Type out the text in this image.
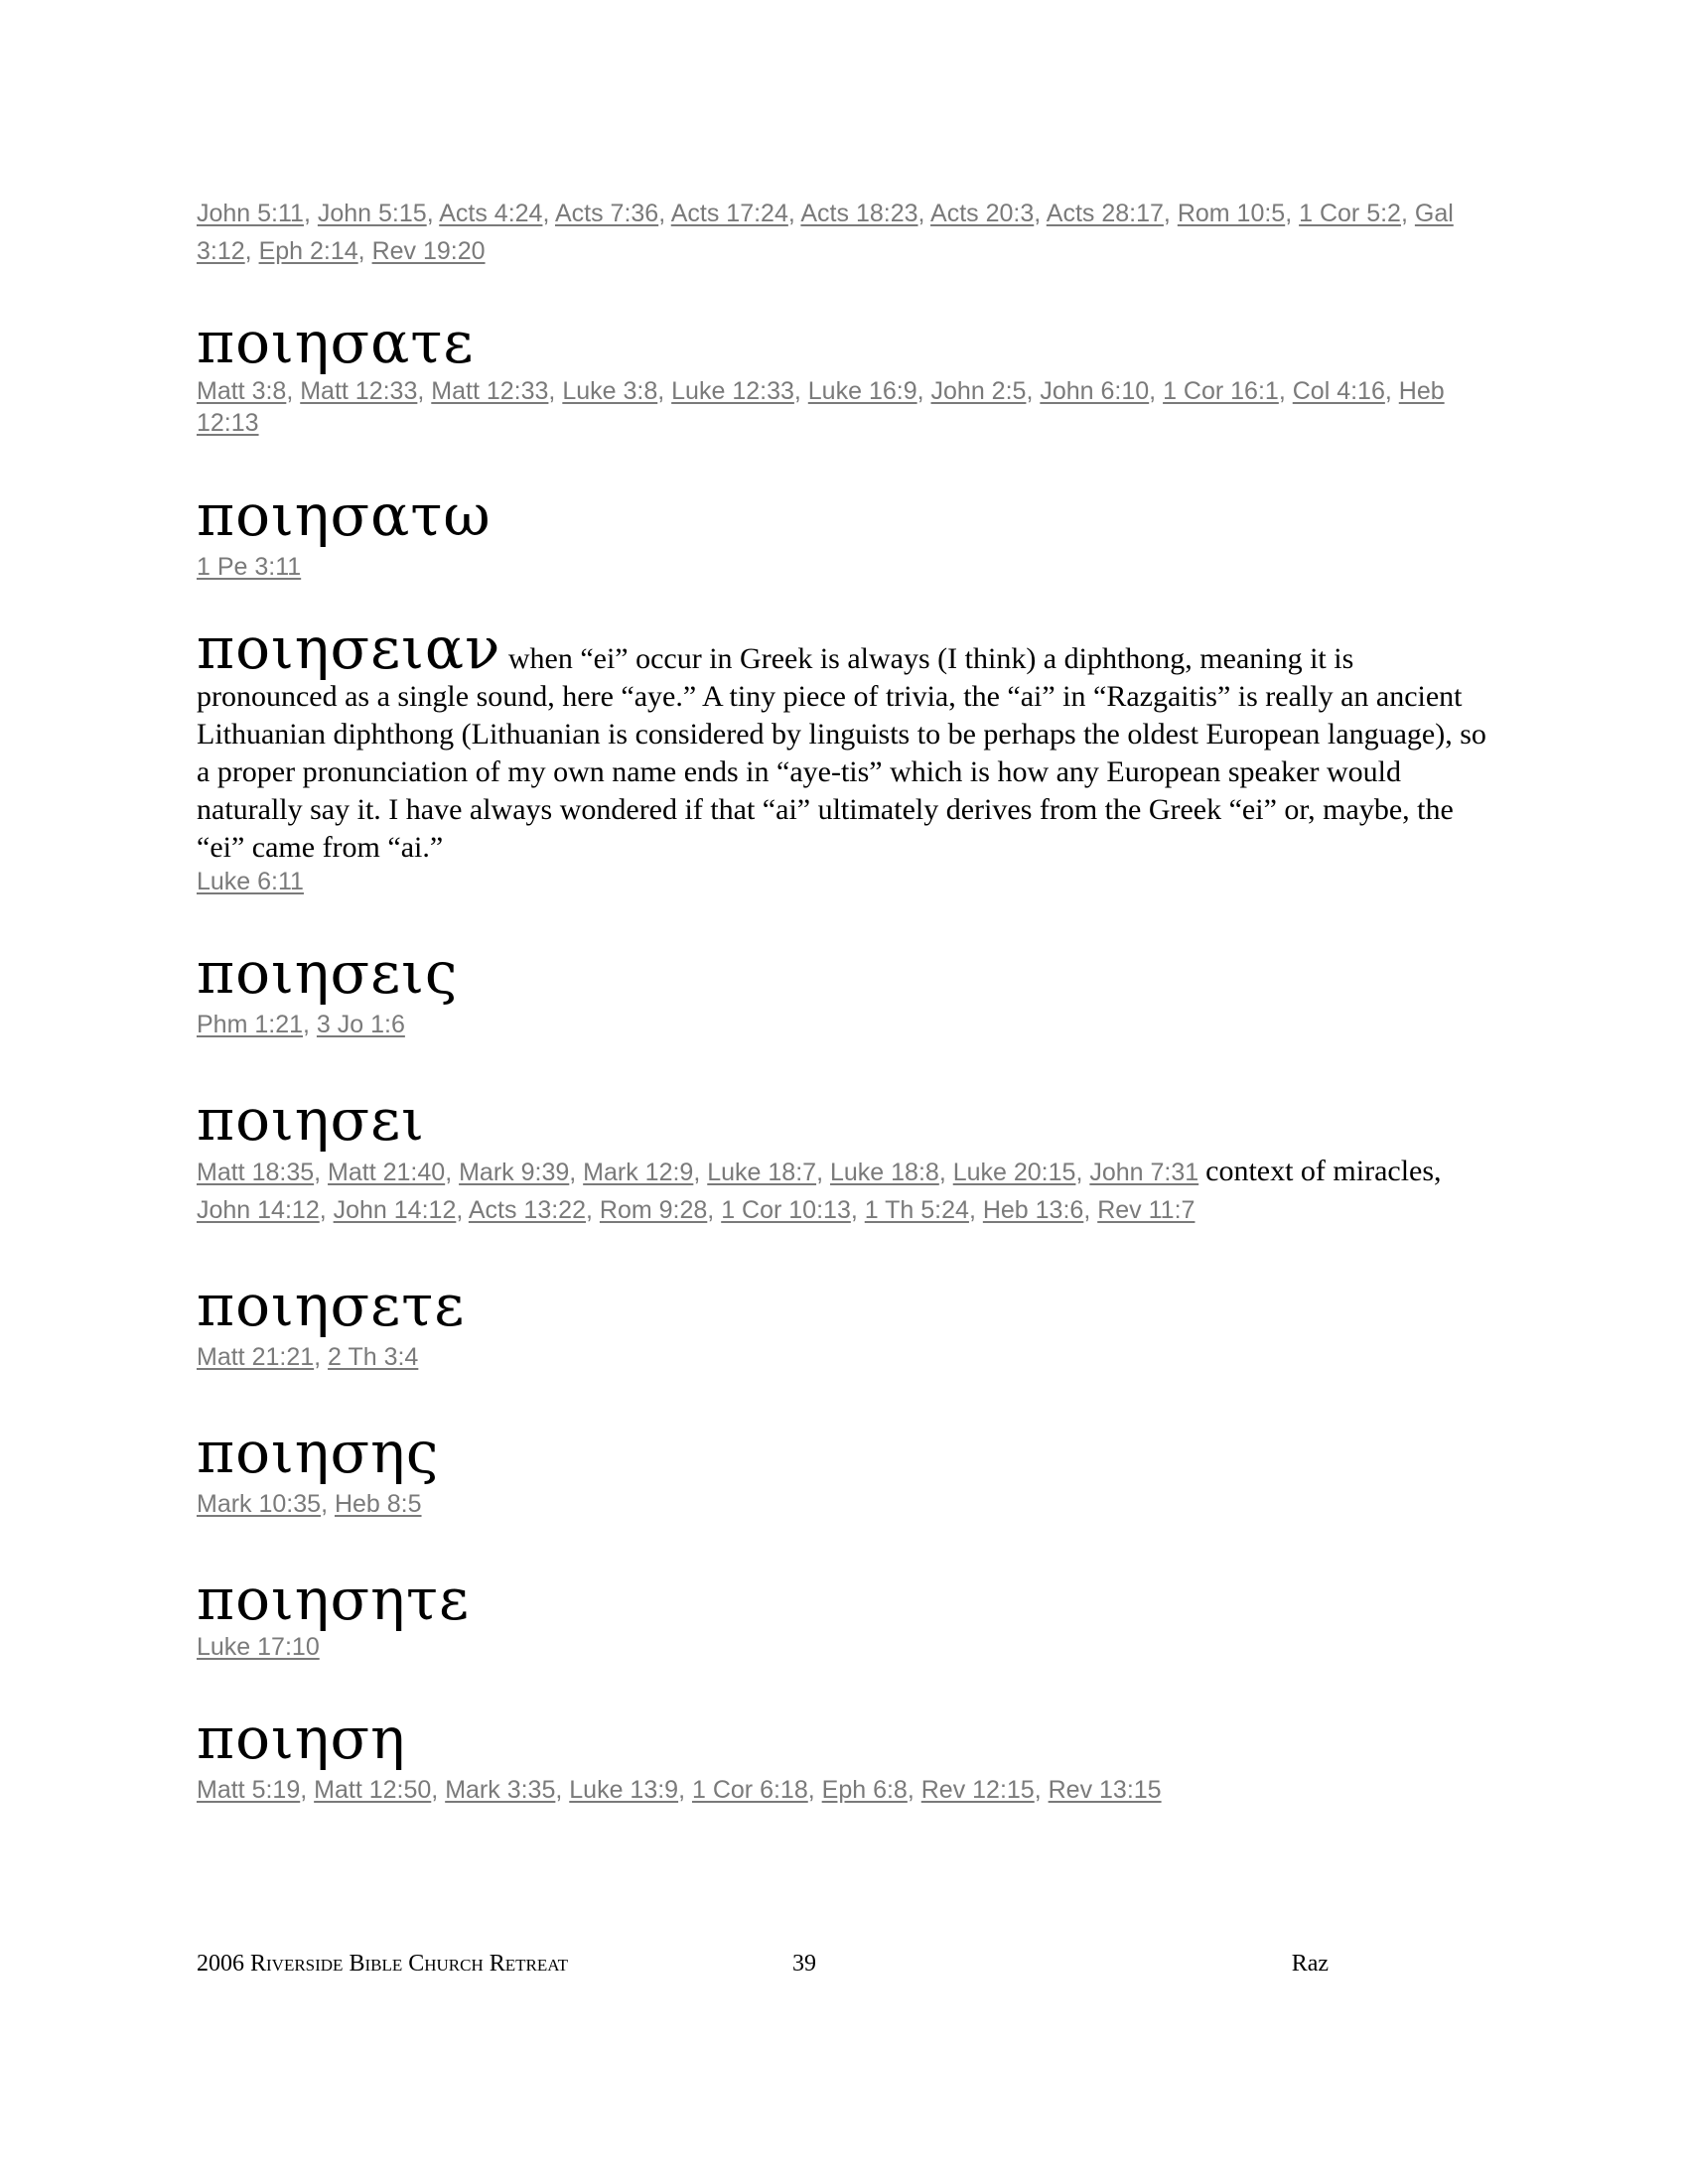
John 5:11, John 5:15, Acts 4:24, Acts 7:36, Acts 17:24, Acts 18:23, Acts 20:3, Acts 28:17, Rom 10:5, 1 Cor 5:2, Gal 3:12, Eph 2:14, Rev 19:20
ποιησατε
Matt 3:8, Matt 12:33, Matt 12:33, Luke 3:8, Luke 12:33, Luke 16:9, John 2:5, John 6:10, 1 Cor 16:1, Col 4:16, Heb 12:13
ποιησατω
1 Pe 3:11
ποιησειαν when “ei” occur in Greek is always (I think) a diphthong, meaning it is pronounced as a single sound, here “aye.” A tiny piece of trivia, the “ai” in “Razgaitis” is really an ancient Lithuanian diphthong (Lithuanian is considered by linguists to be perhaps the oldest European language), so a proper pronunciation of my own name ends in “aye-tis” which is how any European speaker would naturally say it. I have always wondered if that “ai” ultimately derives from the Greek “ei” or, maybe, the “ei” came from “ai.”
Luke 6:11
ποιησεις
Phm 1:21, 3 Jo 1:6
ποιησει
Matt 18:35, Matt 21:40, Mark 9:39, Mark 12:9, Luke 18:7, Luke 18:8, Luke 20:15, John 7:31 context of miracles, John 14:12, John 14:12, Acts 13:22, Rom 9:28, 1 Cor 10:13, 1 Th 5:24, Heb 13:6, Rev 11:7
ποιησετε
Matt 21:21, 2 Th 3:4
ποιησης
Mark 10:35, Heb 8:5
ποιησητε
Luke 17:10
ποιηση
Matt 5:19, Matt 12:50, Mark 3:35, Luke 13:9, 1 Cor 6:18, Eph 6:8, Rev 12:15, Rev 13:15
2006 Riverside Bible Church Retreat	39	Raz
